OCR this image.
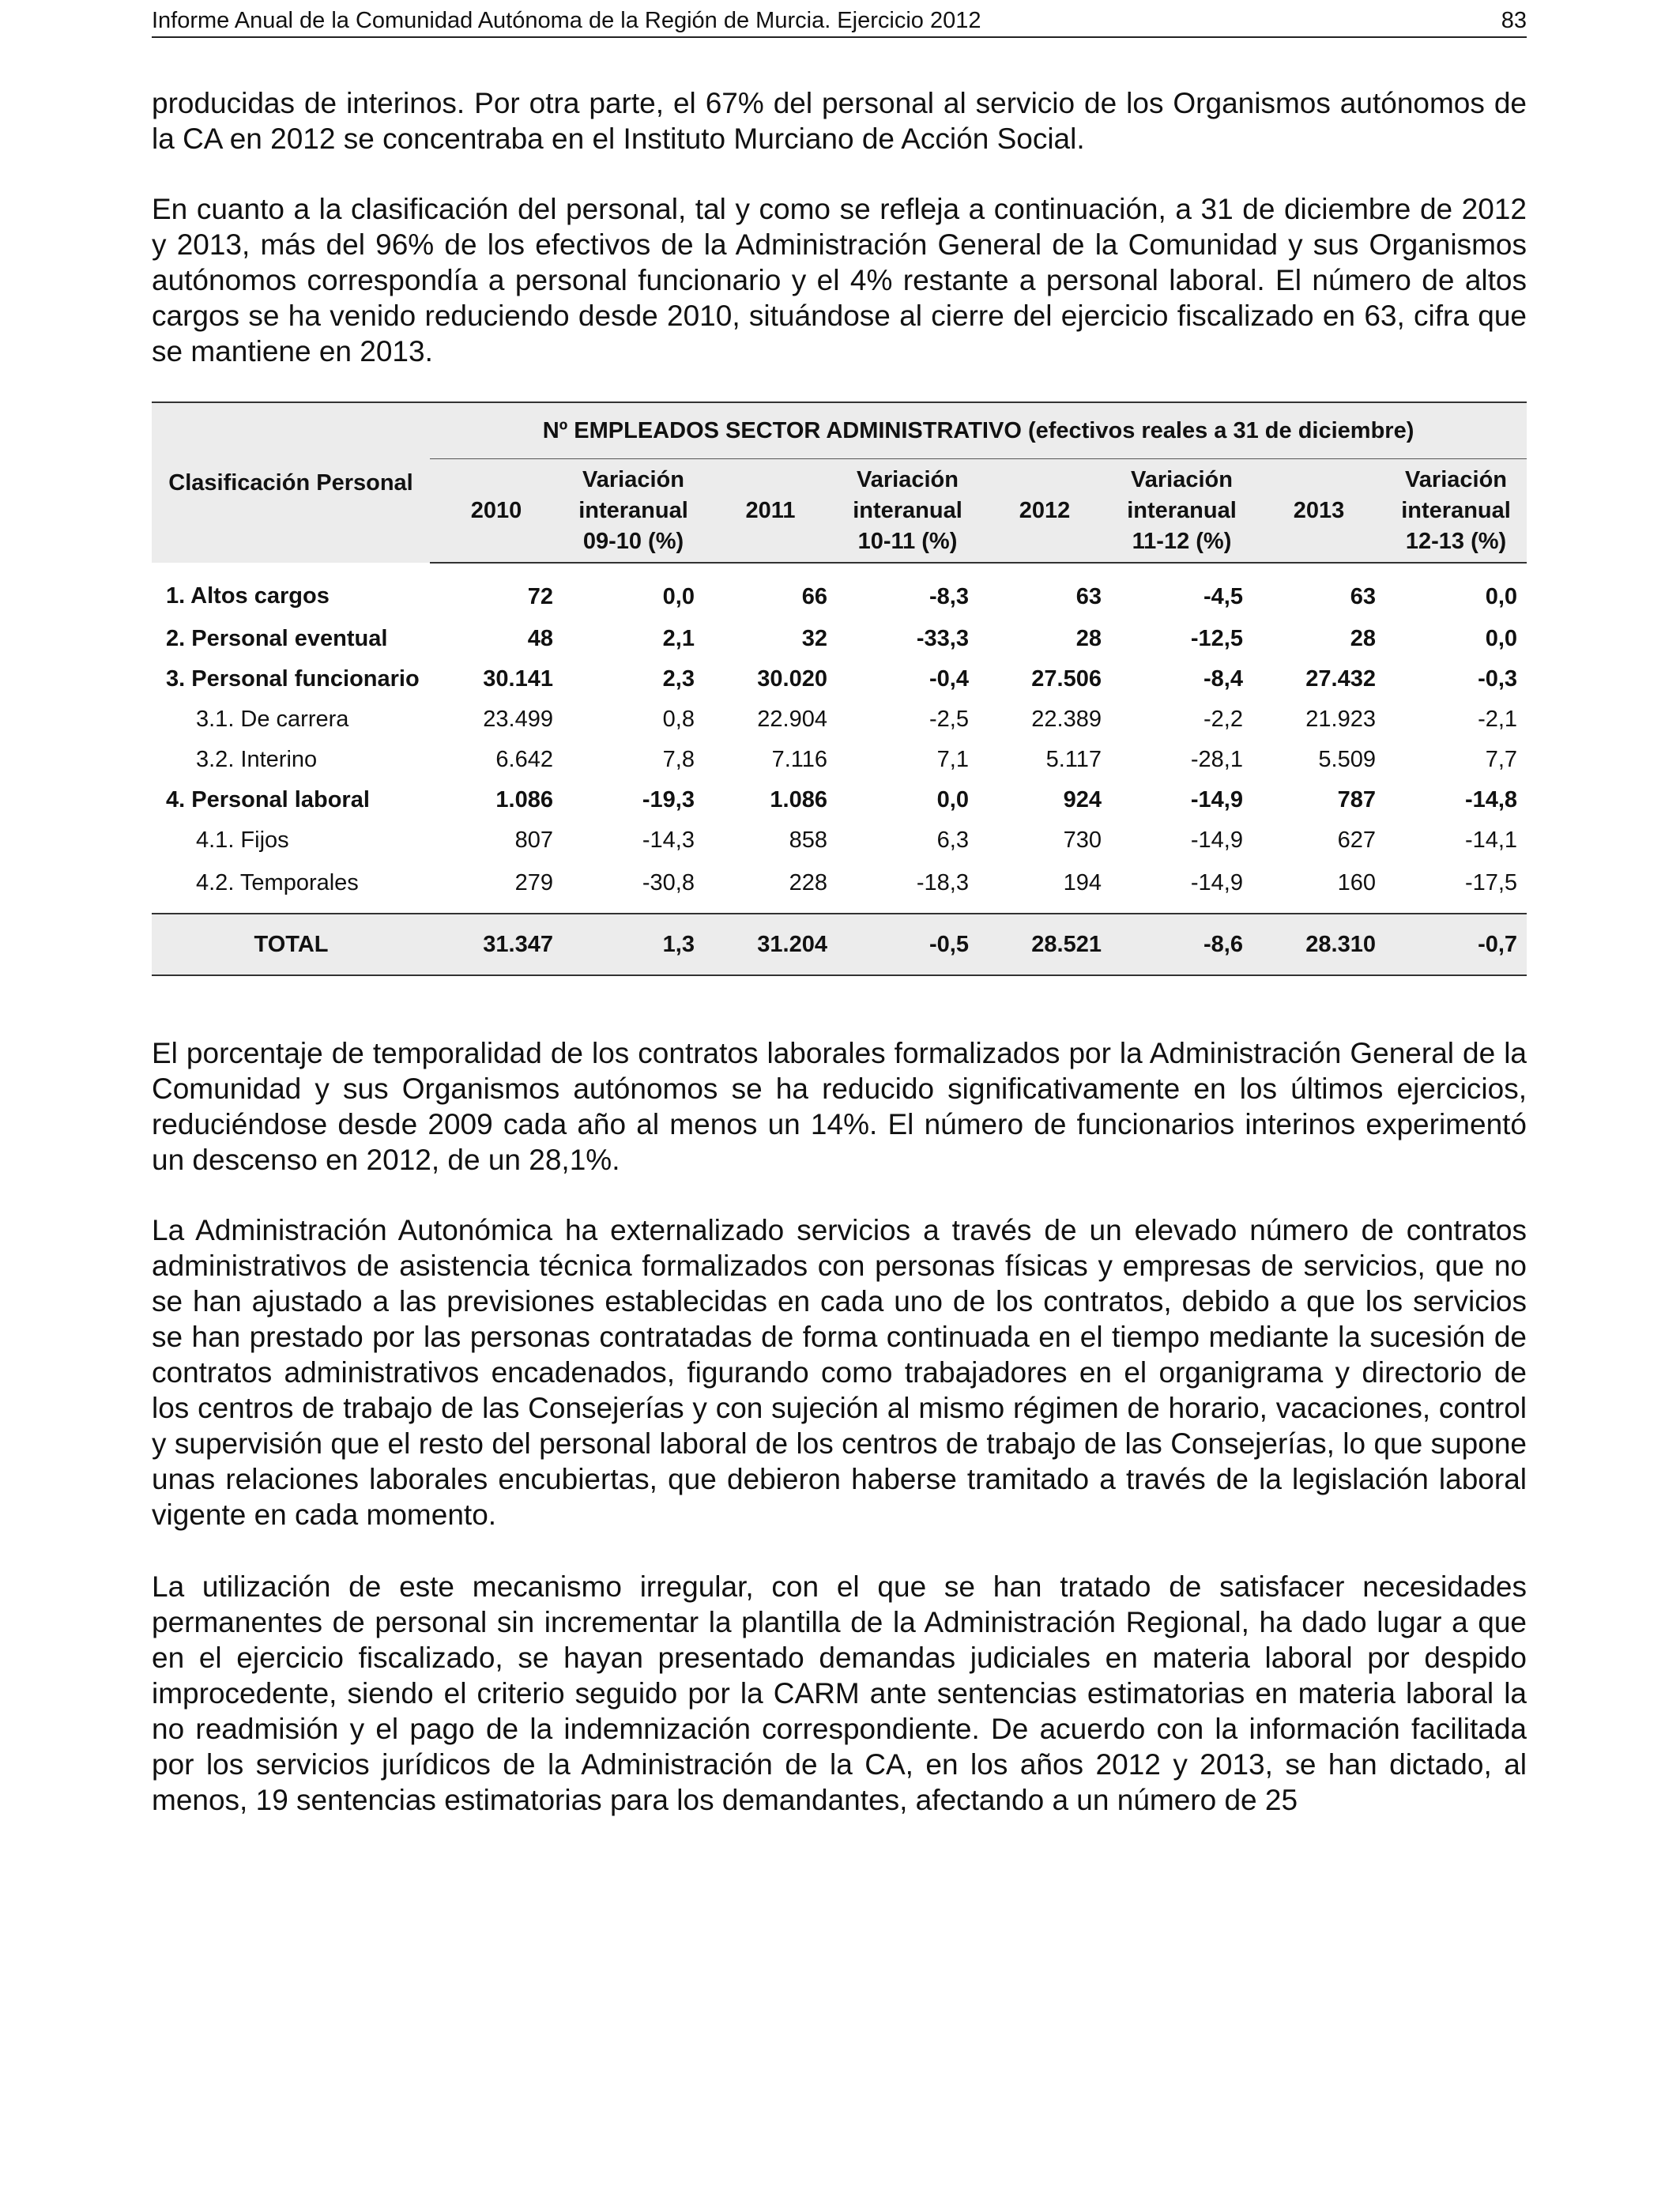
Informe Anual de la Comunidad Autónoma de la Región de Murcia. Ejercicio 2012	83

producidas de interinos. Por otra parte, el 67% del personal al servicio de los Organismos autónomos de la CA en 2012 se concentraba en el Instituto Murciano de Acción Social.

En cuanto a la clasificación del personal, tal y como se refleja a continuación, a 31 de diciembre de 2012 y 2013, más del 96% de los efectivos de la Administración General de la Comunidad y sus Organismos autónomos correspondía a personal funcionario y el 4% restante a personal laboral. El número de altos cargos se ha venido reduciendo desde 2010, situándose al cierre del ejercicio fiscalizado en 63, cifra que se mantiene en 2013.

Clasificación Personal	Nº EMPLEADOS SECTOR ADMINISTRATIVO (efectivos reales a 31 de diciembre)							
	2010	Variación
interanual
09-10 (%)	2011	Variación
interanual
10-11 (%)	2012	Variación
interanual
11-12 (%)	2013	Variación
interanual
12-13 (%)
1. Altos cargos	72	0,0	66	-8,3	63	-4,5	63	0,0
2. Personal eventual	48	2,1	32	-33,3	28	-12,5	28	0,0
3. Personal funcionario	30.141	2,3	30.020	-0,4	27.506	-8,4	27.432	-0,3
3.1. De carrera	23.499	0,8	22.904	-2,5	22.389	-2,2	21.923	-2,1
3.2. Interino	6.642	7,8	7.116	7,1	5.117	-28,1	5.509	7,7
4. Personal laboral	1.086	-19,3	1.086	0,0	924	-14,9	787	-14,8
4.1. Fijos	807	-14,3	858	6,3	730	-14,9	627	-14,1
4.2. Temporales	279	-30,8	228	-18,3	194	-14,9	160	-17,5
TOTAL	31.347	1,3	31.204	-0,5	28.521	-8,6	28.310	-0,7

El porcentaje de temporalidad de los contratos laborales formalizados por la Administración General de la Comunidad y sus Organismos autónomos se ha reducido significativamente en los últimos ejercicios, reduciéndose desde 2009 cada año al menos un 14%. El número de funcionarios interinos experimentó un descenso en 2012, de un 28,1%.

La Administración Autonómica ha externalizado servicios a través de un elevado número de contratos administrativos de asistencia técnica formalizados con personas físicas y empresas de servicios, que no se han ajustado a las previsiones establecidas en cada uno de los contratos, debido a que los servicios se han prestado por las personas contratadas de forma continuada en el tiempo mediante la sucesión de contratos administrativos encadenados, figurando como trabajadores en el organigrama y directorio de los centros de trabajo de las Consejerías y con sujeción al mismo régimen de horario, vacaciones, control y supervisión que el resto del personal laboral de los centros de trabajo de las Consejerías, lo que supone unas relaciones laborales encubiertas, que debieron haberse tramitado a través de la legislación laboral vigente en cada momento.

La utilización de este mecanismo irregular, con el que se han tratado de satisfacer necesidades permanentes de personal sin incrementar la plantilla de la Administración Regional, ha dado lugar a que en el ejercicio fiscalizado, se hayan presentado demandas judiciales en materia laboral por despido improcedente, siendo el criterio seguido por la CARM ante sentencias estimatorias en materia laboral la no readmisión y el pago de la indemnización correspondiente. De acuerdo con la información facilitada por los servicios jurídicos de la Administración de la CA, en los años 2012 y 2013, se han dictado, al menos, 19 sentencias estimatorias para los demandantes, afectando a un número de 25
